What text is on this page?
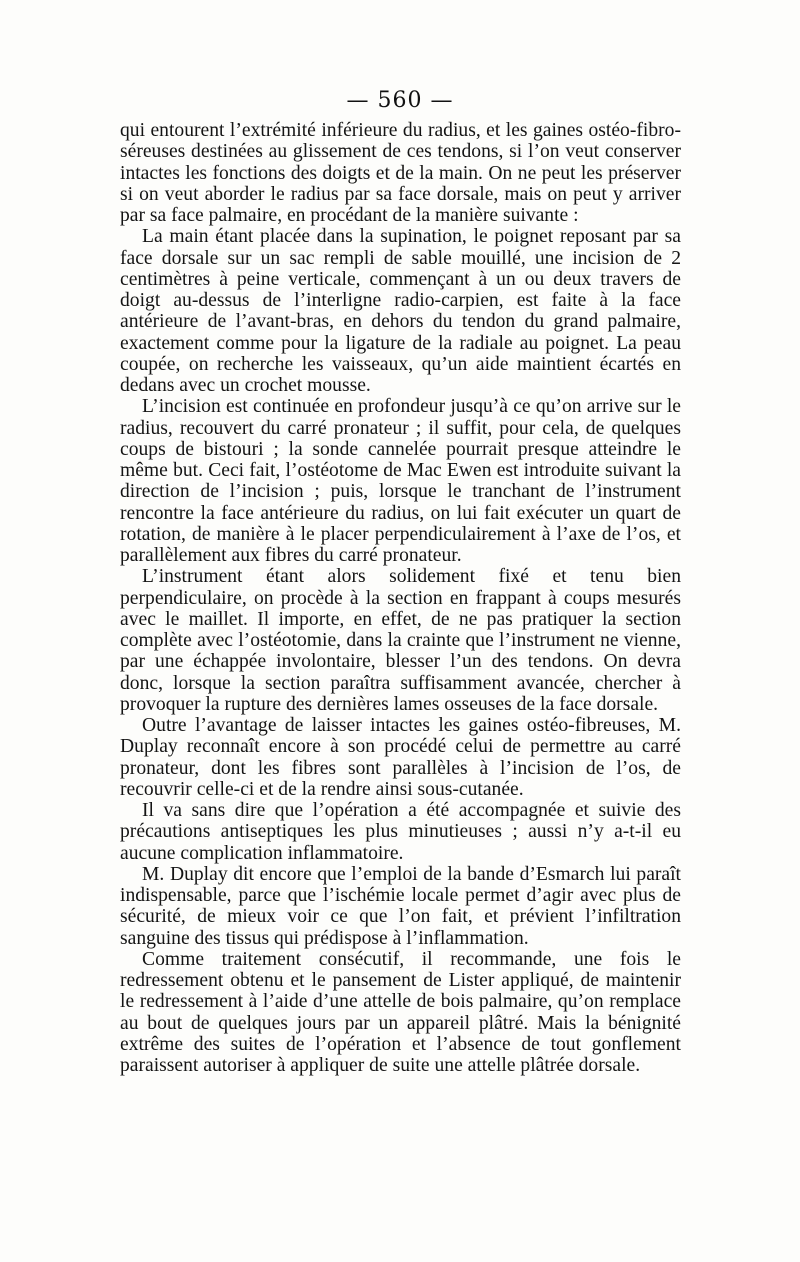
— 560 —

qui entourent l’extrémité inférieure du radius, et les gaines ostéo-fibro-séreuses destinées au glissement de ces tendons, si l’on veut conserver intactes les fonctions des doigts et de la main. On ne peut les préserver si on veut aborder le radius par sa face dorsale, mais on peut y arriver par sa face palmaire, en procédant de la manière suivante :

La main étant placée dans la supination, le poignet reposant par sa face dorsale sur un sac rempli de sable mouillé, une incision de 2 centimètres à peine verticale, commençant à un ou deux travers de doigt au-dessus de l’interligne radio-carpien, est faite à la face antérieure de l’avant-bras, en dehors du tendon du grand palmaire, exactement comme pour la ligature de la radiale au poignet. La peau coupée, on recherche les vaisseaux, qu’un aide maintient écartés en dedans avec un crochet mousse.

L’incision est continuée en profondeur jusqu’à ce qu’on arrive sur le radius, recouvert du carré pronateur ; il suffit, pour cela, de quelques coups de bistouri ; la sonde cannelée pourrait presque atteindre le même but. Ceci fait, l’ostéotome de Mac Ewen est introduite suivant la direction de l’incision ; puis, lorsque le tranchant de l’instrument rencontre la face antérieure du radius, on lui fait exécuter un quart de rotation, de manière à le placer perpendiculairement à l’axe de l’os, et parallèlement aux fibres du carré pronateur.

L’instrument étant alors solidement fixé et tenu bien perpendiculaire, on procède à la section en frappant à coups mesurés avec le maillet. Il importe, en effet, de ne pas pratiquer la section complète avec l’ostéotomie, dans la crainte que l’instrument ne vienne, par une échappée involontaire, blesser l’un des tendons. On devra donc, lorsque la section paraîtra suffisamment avancée, chercher à provoquer la rupture des dernières lames osseuses de la face dorsale.

Outre l’avantage de laisser intactes les gaines ostéo-fibreuses, M. Duplay reconnaît encore à son procédé celui de permettre au carré pronateur, dont les fibres sont parallèles à l’incision de l’os, de recouvrir celle-ci et de la rendre ainsi sous-cutanée.

Il va sans dire que l’opération a été accompagnée et suivie des précautions antiseptiques les plus minutieuses ; aussi n’y a-t-il eu aucune complication inflammatoire.

M. Duplay dit encore que l’emploi de la bande d’Esmarch lui paraît indispensable, parce que l’ischémie locale permet d’agir avec plus de sécurité, de mieux voir ce que l’on fait, et prévient l’infiltration sanguine des tissus qui prédispose à l’inflammation.

Comme traitement consécutif, il recommande, une fois le redressement obtenu et le pansement de Lister appliqué, de maintenir le redressement à l’aide d’une attelle de bois palmaire, qu’on remplace au bout de quelques jours par un appareil plâtré. Mais la bénignité extrême des suites de l’opération et l’absence de tout gonflement paraissent autoriser à appliquer de suite une attelle plâtrée dorsale.
